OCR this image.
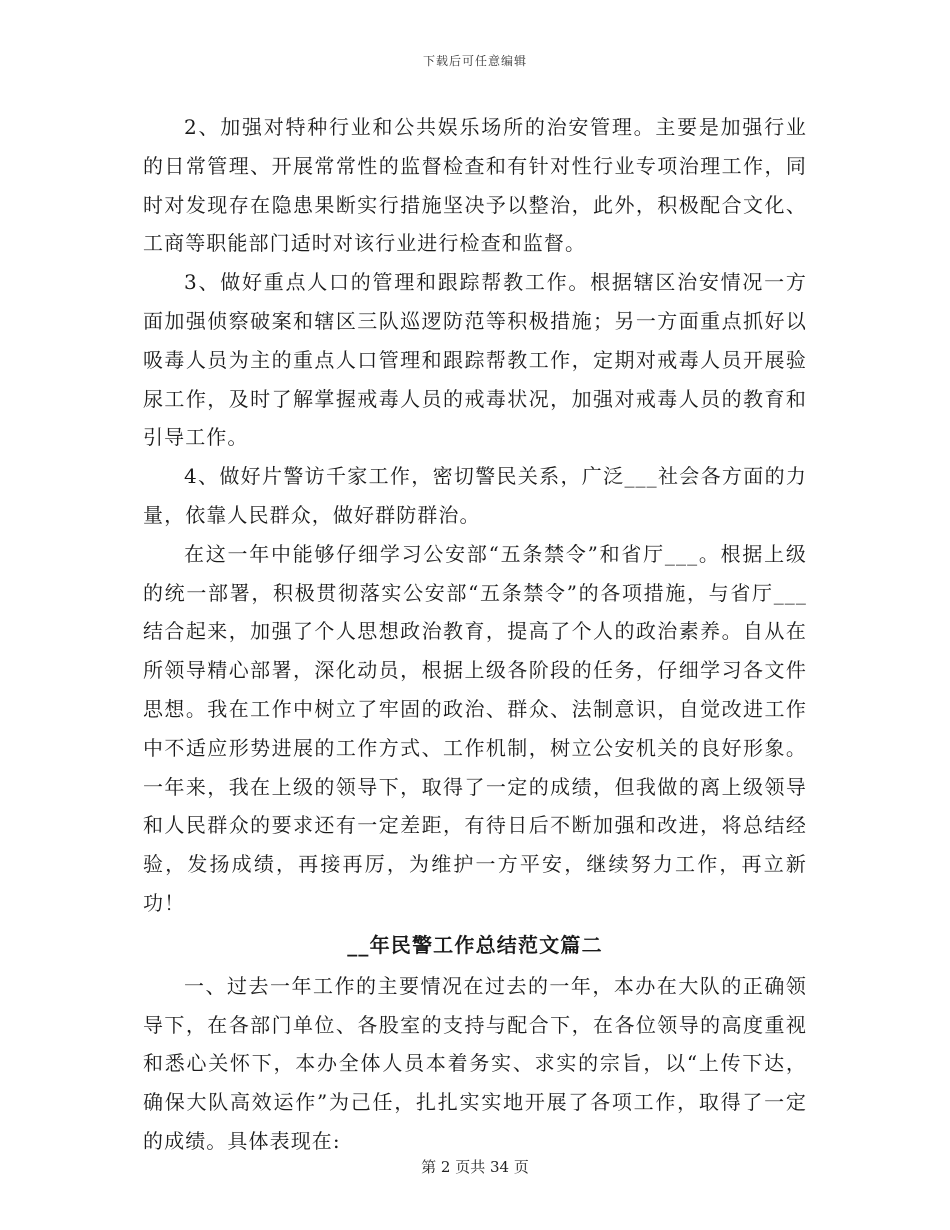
下载后可任意编辑

2、加强对特种行业和公共娱乐场所的治安管理。主要是加强行业的日常管理、开展常常性的监督检查和有针对性行业专项治理工作，同时对发现存在隐患果断实行措施坚决予以整治，此外，积极配合文化、工商等职能部门适时对该行业进行检查和监督。

3、做好重点人口的管理和跟踪帮教工作。根据辖区治安情况一方面加强侦察破案和辖区三队巡逻防范等积极措施；另一方面重点抓好以吸毒人员为主的重点人口管理和跟踪帮教工作，定期对戒毒人员开展验尿工作，及时了解掌握戒毒人员的戒毒状况，加强对戒毒人员的教育和引导工作。

4、做好片警访千家工作，密切警民关系，广泛___社会各方面的力量，依靠人民群众，做好群防群治。

在这一年中能够仔细学习公安部“五条禁令”和省厅___。根据上级的统一部署，积极贯彻落实公安部“五条禁令”的各项措施，与省厅___结合起来，加强了个人思想政治教育，提高了个人的政治素养。自从在所领导精心部署，深化动员，根据上级各阶段的任务，仔细学习各文件思想。我在工作中树立了牢固的政治、群众、法制意识，自觉改进工作中不适应形势进展的工作方式、工作机制，树立公安机关的良好形象。一年来，我在上级的领导下，取得了一定的成绩，但我做的离上级领导和人民群众的要求还有一定差距，有待日后不断加强和改进，将总结经验，发扬成绩，再接再厉，为维护一方平安，继续努力工作，再立新功！

__年民警工作总结范文篇二

一、过去一年工作的主要情况在过去的一年，本办在大队的正确领导下，在各部门单位、各股室的支持与配合下，在各位领导的高度重视和悉心关怀下，本办全体人员本着务实、求实的宗旨，以“上传下达，确保大队高效运作”为己任，扎扎实实地开展了各项工作，取得了一定的成绩。具体表现在:

第 2 页共 34 页
